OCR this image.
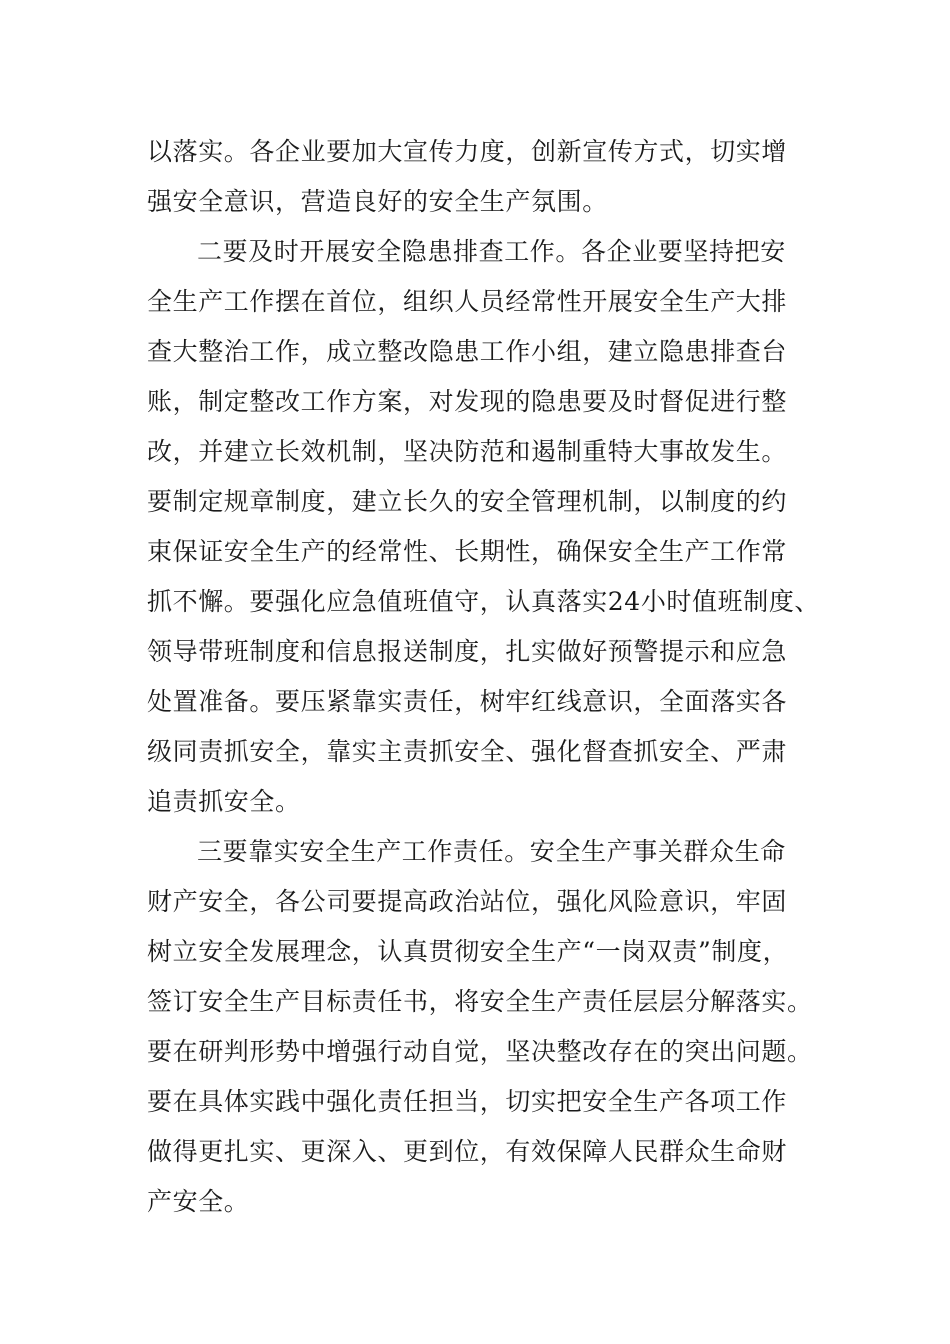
以落实。各企业要加大宣传力度，创新宣传方式，切实增
强安全意识，营造良好的安全生产氛围。
二要及时开展安全隐患排查工作。各企业要坚持把安
全生产工作摆在首位，组织人员经常性开展安全生产大排
查大整治工作，成立整改隐患工作小组，建立隐患排查台
账，制定整改工作方案，对发现的隐患要及时督促进行整
改，并建立长效机制，坚决防范和遏制重特大事故发生。
要制定规章制度，建立长久的安全管理机制，以制度的约
束保证安全生产的经常性、长期性，确保安全生产工作常
抓不懈。要强化应急值班值守，认真落实24小时值班制度、
领导带班制度和信息报送制度，扎实做好预警提示和应急
处置准备。要压紧靠实责任，树牢红线意识，全面落实各
级同责抓安全，靠实主责抓安全、强化督查抓安全、严肃
追责抓安全。
三要靠实安全生产工作责任。安全生产事关群众生命
财产安全，各公司要提高政治站位，强化风险意识，牢固
树立安全发展理念，认真贯彻安全生产“一岗双责”制度，
签订安全生产目标责任书，将安全生产责任层层分解落实。
要在研判形势中增强行动自觉，坚决整改存在的突出问题。
要在具体实践中强化责任担当，切实把安全生产各项工作
做得更扎实、更深入、更到位，有效保障人民群众生命财
产安全。
